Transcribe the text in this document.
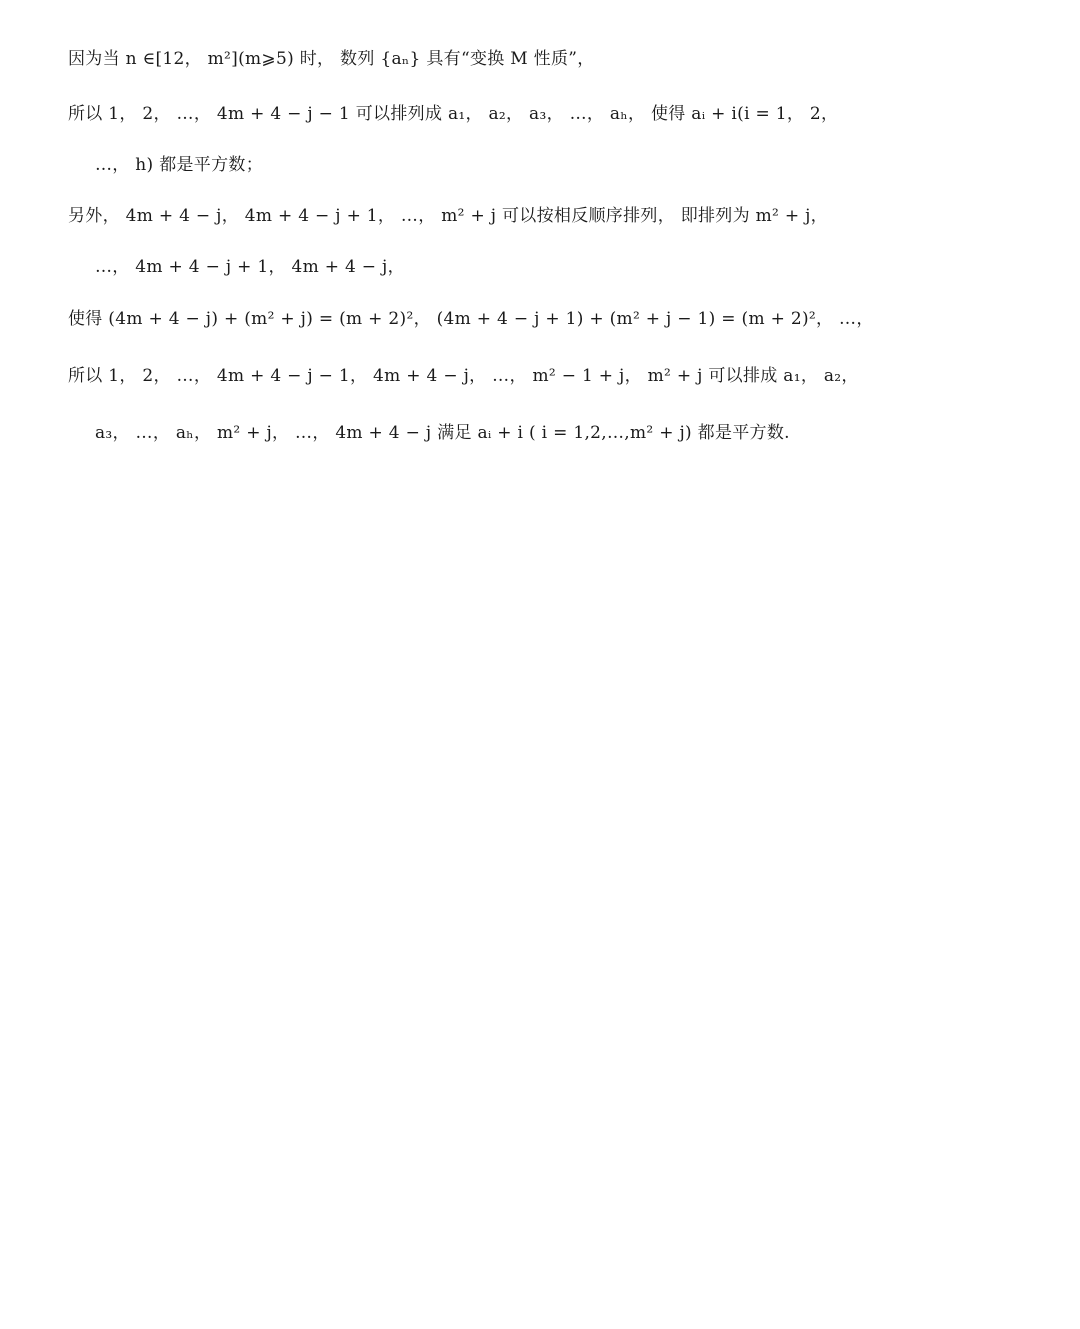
因为当 n ∈[12， m²](m⩾5) 时， 数列 {aₙ} 具有“变换 M 性质”，
所以 1， 2， …， 4m + 4 − j − 1 可以排列成 a₁， a₂， a₃， …， aₕ， 使得 aᵢ + i(i = 1， 2，
…， h) 都是平方数；
另外， 4m + 4 − j， 4m + 4 − j + 1， …， m² + j 可以按相反顺序排列， 即排列为 m² + j，
…， 4m + 4 − j + 1， 4m + 4 − j，
使得 (4m + 4 − j) + (m² + j) = (m + 2)²， (4m + 4 − j + 1) + (m² + j − 1) = (m + 2)²， …，
所以 1， 2， …， 4m + 4 − j − 1， 4m + 4 − j， …， m² − 1 + j， m² + j 可以排成 a₁， a₂，
a₃， …， aₕ， m² + j， …， 4m + 4 − j 满足 aᵢ + i ( i = 1,2,…,m² + j) 都是平方数.
